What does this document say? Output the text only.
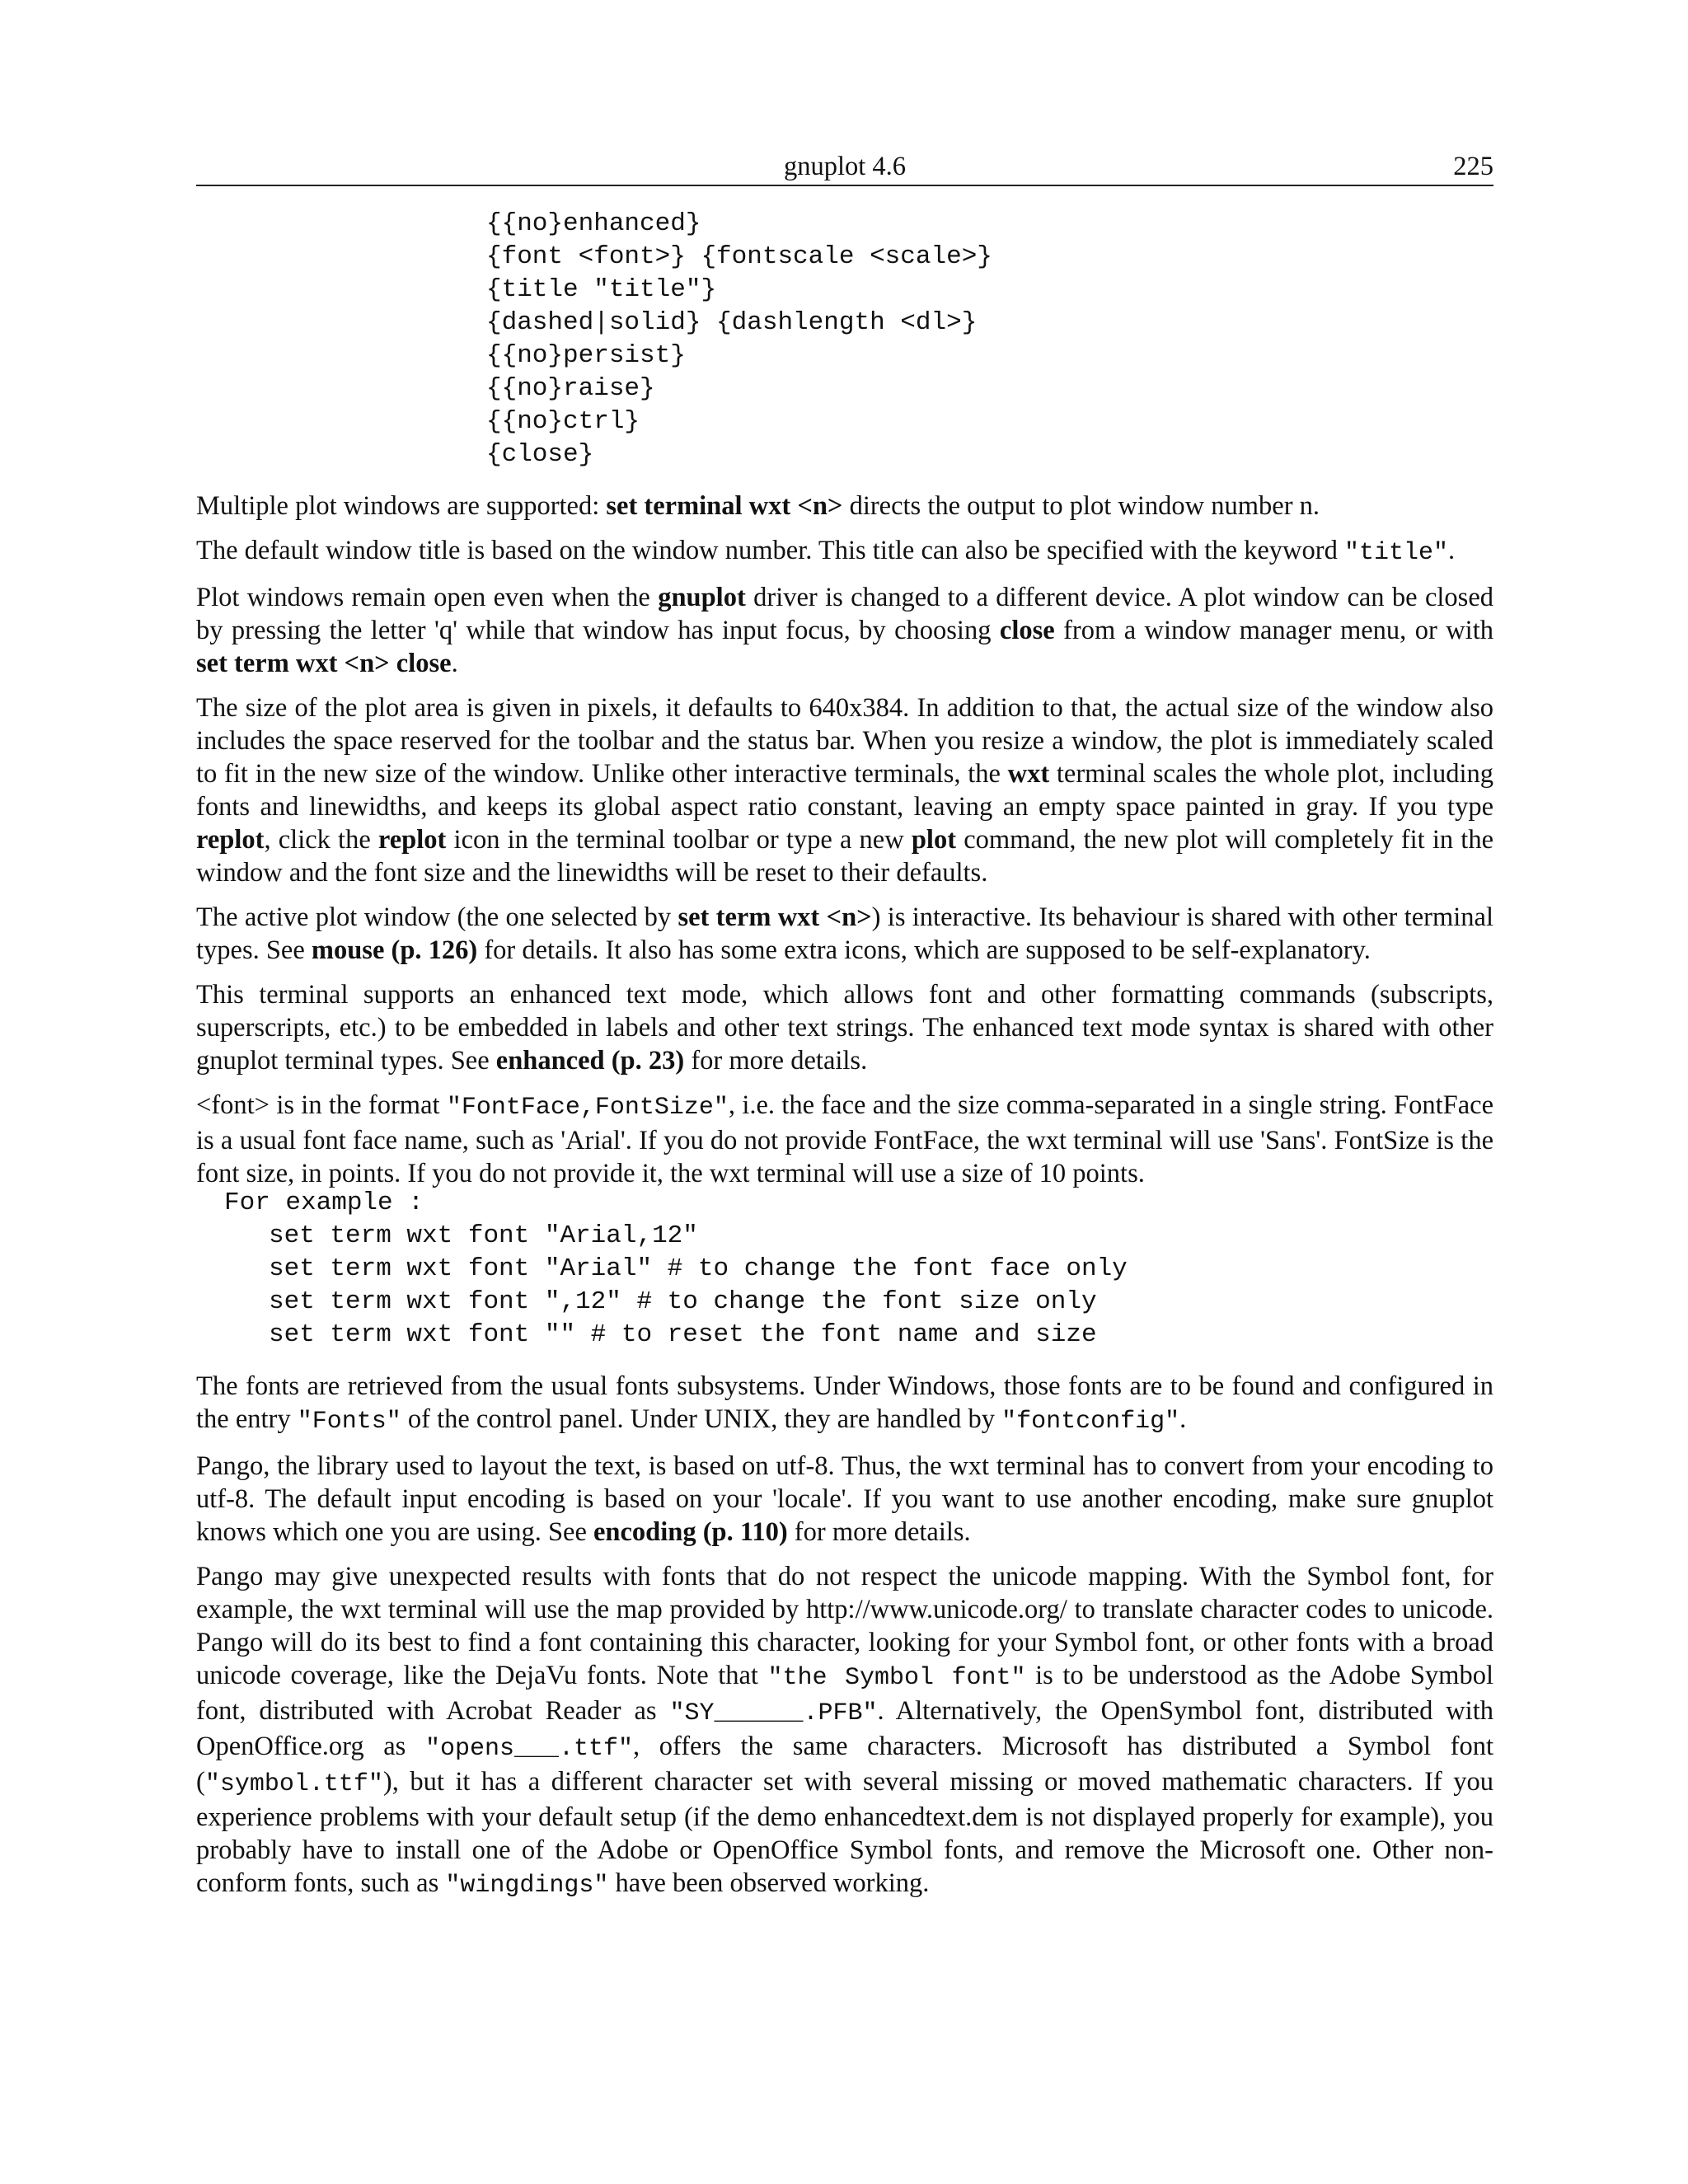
gnuplot 4.6	225
{{no}enhanced}
{font <font>} {fontscale <scale>}
{title "title"}
{dashed|solid} {dashlength <dl>}
{{no}persist}
{{no}raise}
{{no}ctrl}
{close}

Multiple plot windows are supported: set terminal wxt <n> directs the output to plot window number n.

The default window title is based on the window number. This title can also be specified with the keyword "title".

Plot windows remain open even when the gnuplot driver is changed to a different device. A plot window can be closed by pressing the letter 'q' while that window has input focus, by choosing close from a window manager menu, or with set term wxt <n> close.

The size of the plot area is given in pixels, it defaults to 640x384. In addition to that, the actual size of the window also includes the space reserved for the toolbar and the status bar. When you resize a window, the plot is immediately scaled to fit in the new size of the window. Unlike other interactive terminals, the wxt terminal scales the whole plot, including fonts and linewidths, and keeps its global aspect ratio constant, leaving an empty space painted in gray. If you type replot, click the replot icon in the terminal toolbar or type a new plot command, the new plot will completely fit in the window and the font size and the linewidths will be reset to their defaults.

The active plot window (the one selected by set term wxt <n>) is interactive. Its behaviour is shared with other terminal types. See mouse (p. 126) for details. It also has some extra icons, which are supposed to be self-explanatory.

This terminal supports an enhanced text mode, which allows font and other formatting commands (subscripts, superscripts, etc.) to be embedded in labels and other text strings. The enhanced text mode syntax is shared with other gnuplot terminal types. See enhanced (p. 23) for more details.

<font> is in the format "FontFace,FontSize", i.e. the face and the size comma-separated in a single string. FontFace is a usual font face name, such as 'Arial'. If you do not provide FontFace, the wxt terminal will use 'Sans'. FontSize is the font size, in points. If you do not provide it, the wxt terminal will use a size of 10 points.

For example :
set term wxt font "Arial,12"
set term wxt font "Arial" # to change the font face only
set term wxt font ",12" # to change the font size only
set term wxt font "" # to reset the font name and size

The fonts are retrieved from the usual fonts subsystems. Under Windows, those fonts are to be found and configured in the entry "Fonts" of the control panel. Under UNIX, they are handled by "fontconfig".

Pango, the library used to layout the text, is based on utf-8. Thus, the wxt terminal has to convert from your encoding to utf-8. The default input encoding is based on your 'locale'. If you want to use another encoding, make sure gnuplot knows which one you are using. See encoding (p. 110) for more details.

Pango may give unexpected results with fonts that do not respect the unicode mapping. With the Symbol font, for example, the wxt terminal will use the map provided by http://www.unicode.org/ to translate character codes to unicode. Pango will do its best to find a font containing this character, looking for your Symbol font, or other fonts with a broad unicode coverage, like the DejaVu fonts. Note that "the Symbol font" is to be understood as the Adobe Symbol font, distributed with Acrobat Reader as "SY______.PFB". Alternatively, the OpenSymbol font, distributed with OpenOffice.org as "opens___.ttf", offers the same characters. Microsoft has distributed a Symbol font ("symbol.ttf"), but it has a different character set with several missing or moved mathematic characters. If you experience problems with your default setup (if the demo enhancedtext.dem is not displayed properly for example), you probably have to install one of the Adobe or OpenOffice Symbol fonts, and remove the Microsoft one. Other non-conform fonts, such as "wingdings" have been observed working.
